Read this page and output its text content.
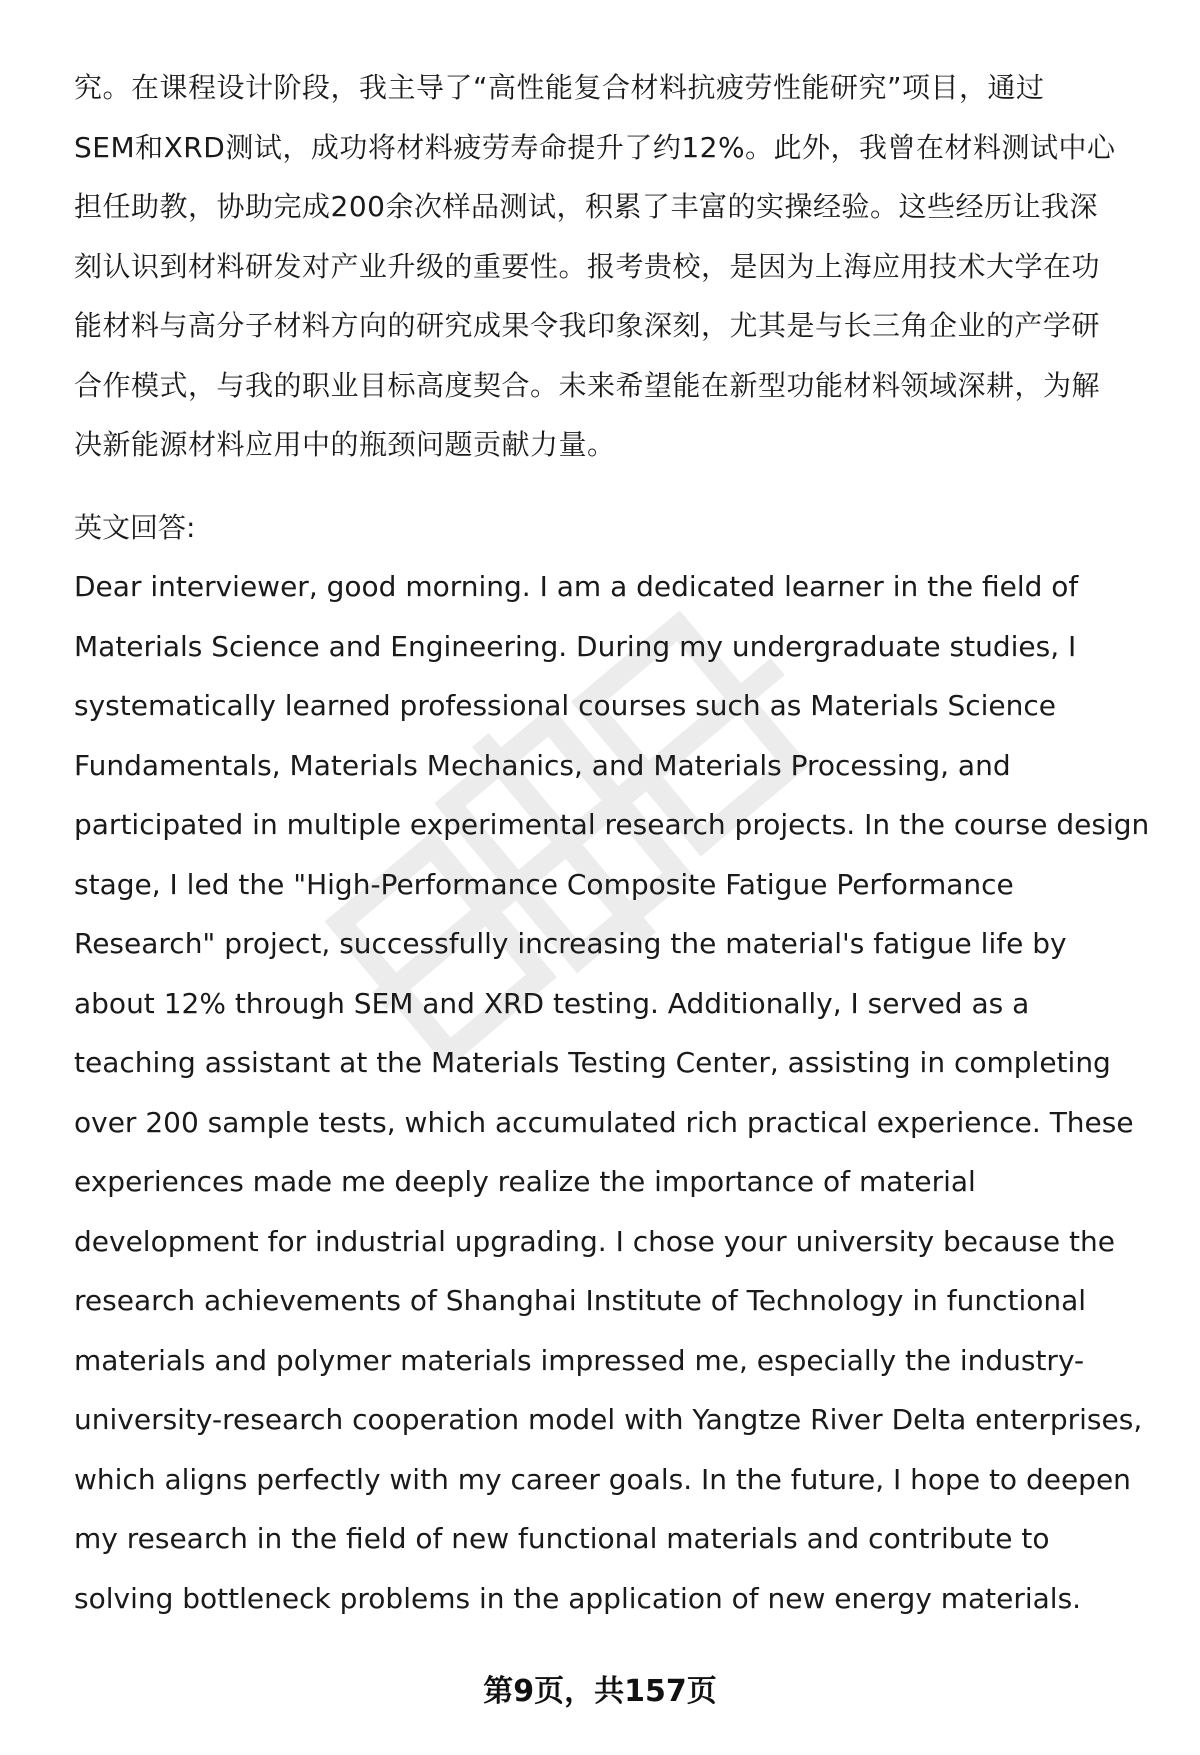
究。在课程设计阶段，我主导了“高性能复合材料抗疲劳性能研究”项目，通过
SEM和XRD测试，成功将材料疲劳寿命提升了约12%。此外，我曾在材料测试中心
担任助教，协助完成200余次样品测试，积累了丰富的实操经验。这些经历让我深
刻认识到材料研发对产业升级的重要性。报考贵校，是因为上海应用技术大学在功
能材料与高分子材料方向的研究成果令我印象深刻，尤其是与长三角企业的产学研
合作模式，与我的职业目标高度契合。未来希望能在新型功能材料领域深耕，为解
决新能源材料应用中的瓶颈问题贡献力量。

英文回答:

Dear interviewer, good morning. I am a dedicated learner in the field of
Materials Science and Engineering. During my undergraduate studies, I
systematically learned professional courses such as Materials Science
Fundamentals, Materials Mechanics, and Materials Processing, and
participated in multiple experimental research projects. In the course design
stage, I led the "High-Performance Composite Fatigue Performance
Research" project, successfully increasing the material's fatigue life by
about 12% through SEM and XRD testing. Additionally, I served as a
teaching assistant at the Materials Testing Center, assisting in completing
over 200 sample tests, which accumulated rich practical experience. These
experiences made me deeply realize the importance of material
development for industrial upgrading. I chose your university because the
research achievements of Shanghai Institute of Technology in functional
materials and polymer materials impressed me, especially the industry-
university-research cooperation model with Yangtze River Delta enterprises,
which aligns perfectly with my career goals. In the future, I hope to deepen
my research in the field of new functional materials and contribute to
solving bottleneck problems in the application of new energy materials.

第9页，共157页
